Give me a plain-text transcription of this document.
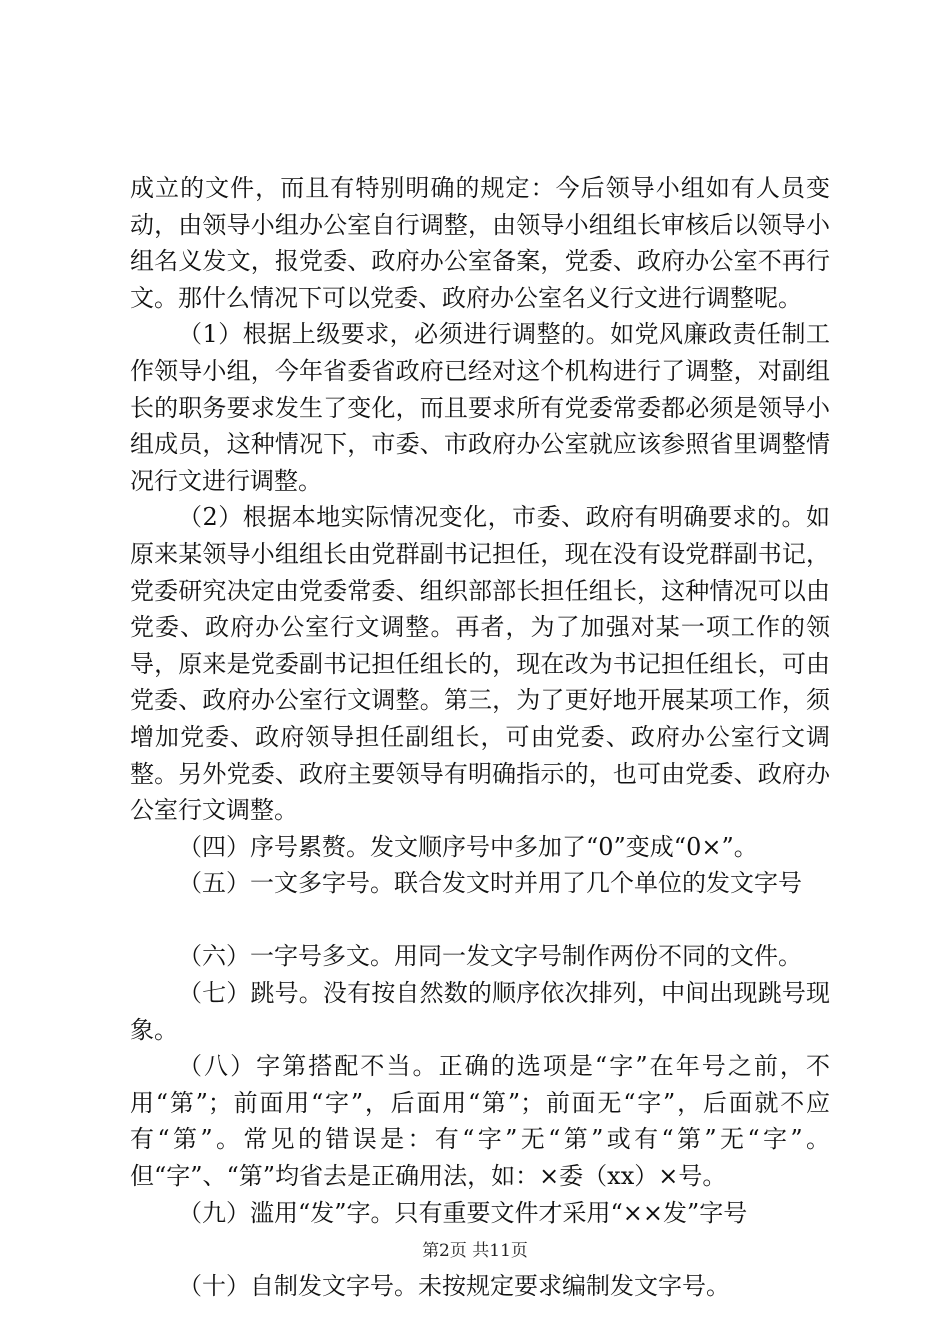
成立的文件，而且有特别明确的规定：今后领导小组如有人员变动，由领导小组办公室自行调整，由领导小组组长审核后以领导小组名义发文，报党委、政府办公室备案，党委、政府办公室不再行文。那什么情况下可以党委、政府办公室名义行文进行调整呢。

（1）根据上级要求，必须进行调整的。如党风廉政责任制工作领导小组，今年省委省政府已经对这个机构进行了调整，对副组长的职务要求发生了变化，而且要求所有党委常委都必须是领导小组成员，这种情况下，市委、市政府办公室就应该参照省里调整情况行文进行调整。

（2）根据本地实际情况变化，市委、政府有明确要求的。如原来某领导小组组长由党群副书记担任，现在没有设党群副书记，党委研究决定由党委常委、组织部部长担任组长，这种情况可以由党委、政府办公室行文调整。再者，为了加强对某一项工作的领导，原来是党委副书记担任组长的，现在改为书记担任组长，可由党委、政府办公室行文调整。第三，为了更好地开展某项工作，须增加党委、政府领导担任副组长，可由党委、政府办公室行文调整。另外党委、政府主要领导有明确指示的，也可由党委、政府办公室行文调整。

（四）序号累赘。发文顺序号中多加了“0”变成“0×”。

（五）一文多字号。联合发文时并用了几个单位的发文字号

（六）一字号多文。用同一发文字号制作两份不同的文件。

（七）跳号。没有按自然数的顺序依次排列，中间出现跳号现象。

（八）字第搭配不当。正确的选项是“字”在年号之前，不用“第”；前面用“字”，后面用“第”；前面无“字”，后面就不应有“第”。常见的错误是：有“字”无“第”或有“第”无“字”。但“字”、“第”均省去是正确用法，如：×委（xx）×号。

（九）滥用“发”字。只有重要文件才采用“××发”字号

（十）自制发文字号。未按规定要求编制发文字号。

第2页 共11页
